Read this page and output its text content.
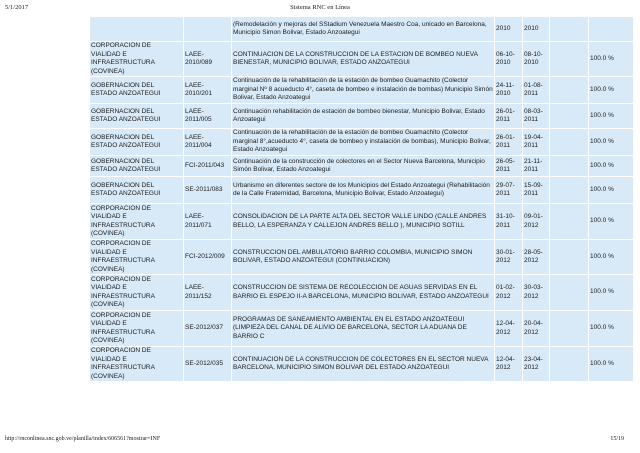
5/1/2017	Sistema RNC en Línea
		(Remodelación y mejoras del SStadium Venezuela Maestro Coa, unicado en Barcelona, Municipio Simon Bolivar, Estado Anzoategui	2010	2010		
CORPORACION DE VIALIDAD E INFRAESTRUCTURA (COVINEA)	LAEE-2010/089	CONTINUACION DE LA CONSTRUCCION DE LA ESTACION DE BOMBEO NUEVA BIENESTAR, MUNICIPIO BOLIVAR, ESTADO ANZOATEGUI	06-10-2010	08-10-2010		100.0 %
GOBERNACION DEL ESTADO ANZOATEGUI	LAEE-2010/201	Continuación de la rehabilitación de la estación de bombeo Guamachito (Colector marginal Nº 8 acueducto 4°, caseta de bombeo e instalación de bombas) Municipio Simón Bolivar, Estado Anzoategui	24-11-2010	01-08-2011		100.0 %
GOBERNACION DEL ESTADO ANZOATEGUI	LAEE-2011/005	Continuación rehabilitación de estación de bombeo bienestar, Municipio Bolivar, Estado Anzoategui	26-01-2011	08-03-2011		100.0 %
GOBERNACION DEL ESTADO ANZOATEGUI	LAEE-2011/004	Continuación de la rehabilitación de la estación de bombeo Guamachito (Colector marginal 8°,acueducto 4°, caseta de bombeo y instalación de bombas), Municipio Bolivar, Estado Anzoategui	26-01-2011	19-04-2011		100.0 %
GOBERNACION DEL ESTADO ANZOATEGUI	FCI-2011/043	Continuación de la construcción de colectores en el Sector Nueva Barcelona, Municipio Simón Bolivar, Estado Anzoategui	26-05-2011	21-11-2011		100.0 %
GOBERNACION DEL ESTADO ANZOATEGUI	SE-2011/083	Urbanismo en diferentes sectore de los Municipios del Estado Anzoategui (Rehabilitación de la Calle Fraternidad, Barcelona, Municipio Bolivar, Estado Anzoategui)	29-07-2011	15-09-2011		100.0 %
CORPORACION DE VIALIDAD E INFRAESTRUCTURA (COVINEA)	LAEE-2011/071	CONSOLIDACION DE LA PARTE ALTA DEL SECTOR VALLE LINDO (CALLE ANDRES BELLO, LA ESPERANZA Y CALLEJON ANDRES BELLO ), MUNICIPIO SOTILL	31-10-2011	09-01-2012		100.0 %
CORPORACION DE VIALIDAD E INFRAESTRUCTURA (COVINEA)	FCI-2012/009	CONSTRUCCION DEL AMBULATORIO BARRIO COLOMBIA, MUNICIPIO SIMON BOLIVAR, ESTADO ANZOATEGUI (CONTINUACION)	30-01-2012	28-05-2012		100.0 %
CORPORACION DE VIALIDAD E INFRAESTRUCTURA (COVINEA)	LAEE-2011/152	CONSTRUCCION DE SISTEMA DE RECOLECCION DE AGUAS SERVIDAS EN EL BARRIO EL ESPEJO II-A BARCELONA, MUNICIPIO BOLIVAR, ESTADO ANZOATEGUI	01-02-2012	30-03-2012		100.0 %
CORPORACION DE VIALIDAD E INFRAESTRUCTURA (COVINEA)	SE-2012/037	PROGRAMAS DE SANEAMIENTO AMBIENTAL EN EL ESTADO ANZOATEGUI (LIMPIEZA DEL CANAL DE ALIVIO DE BARCELONA, SECTOR LA ADUANA DE BARRIO C	12-04-2012	20-04-2012		100.0 %
CORPORACION DE VIALIDAD E INFRAESTRUCTURA (COVINEA)	SE-2012/035	CONTINUACION DE LA CONSTRUCCION DE COLECTORES EN EL SECTOR NUEVA BARCELONA, MUNICIPIO SIMON BOLIVAR DEL ESTADO ANZOATEGUI	12-04-2012	23-04-2012		100.0 %
http://rnconlinea.snc.gob.ve/planilla/index/606561?mostrar=INF	15/19
